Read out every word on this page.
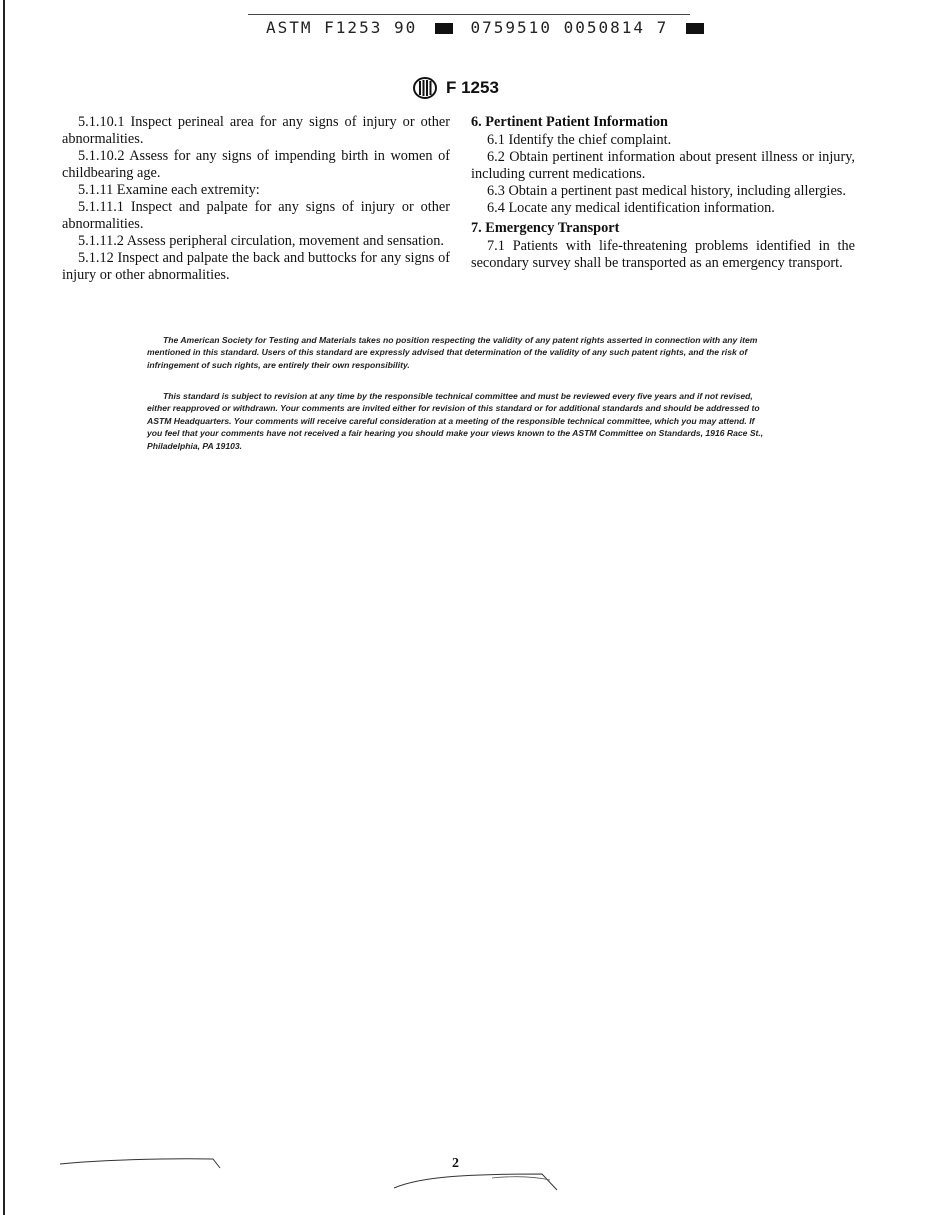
ASTM F1253 90	0759510 0050814 7
F 1253

5.1.10.1 Inspect perineal area for any signs of injury or other abnormalities.

5.1.10.2 Assess for any signs of impending birth in women of childbearing age.

5.1.11 Examine each extremity:

5.1.11.1 Inspect and palpate for any signs of injury or other abnormalities.

5.1.11.2 Assess peripheral circulation, movement and sensation.

5.1.12 Inspect and palpate the back and buttocks for any signs of injury or other abnormalities.

6. Pertinent Patient Information

6.1 Identify the chief complaint.

6.2 Obtain pertinent information about present illness or injury, including current medications.

6.3 Obtain a pertinent past medical history, including allergies.

6.4 Locate any medical identification information.

7. Emergency Transport

7.1 Patients with life-threatening problems identified in the secondary survey shall be transported as an emergency transport.

The American Society for Testing and Materials takes no position respecting the validity of any patent rights asserted in connection with any item mentioned in this standard. Users of this standard are expressly advised that determination of the validity of any such patent rights, and the risk of infringement of such rights, are entirely their own responsibility.

This standard is subject to revision at any time by the responsible technical committee and must be reviewed every five years and if not revised, either reapproved or withdrawn. Your comments are invited either for revision of this standard or for additional standards and should be addressed to ASTM Headquarters. Your comments will receive careful consideration at a meeting of the responsible technical committee, which you may attend. If you feel that your comments have not received a fair hearing you should make your views known to the ASTM Committee on Standards, 1916 Race St., Philadelphia, PA 19103.

2
